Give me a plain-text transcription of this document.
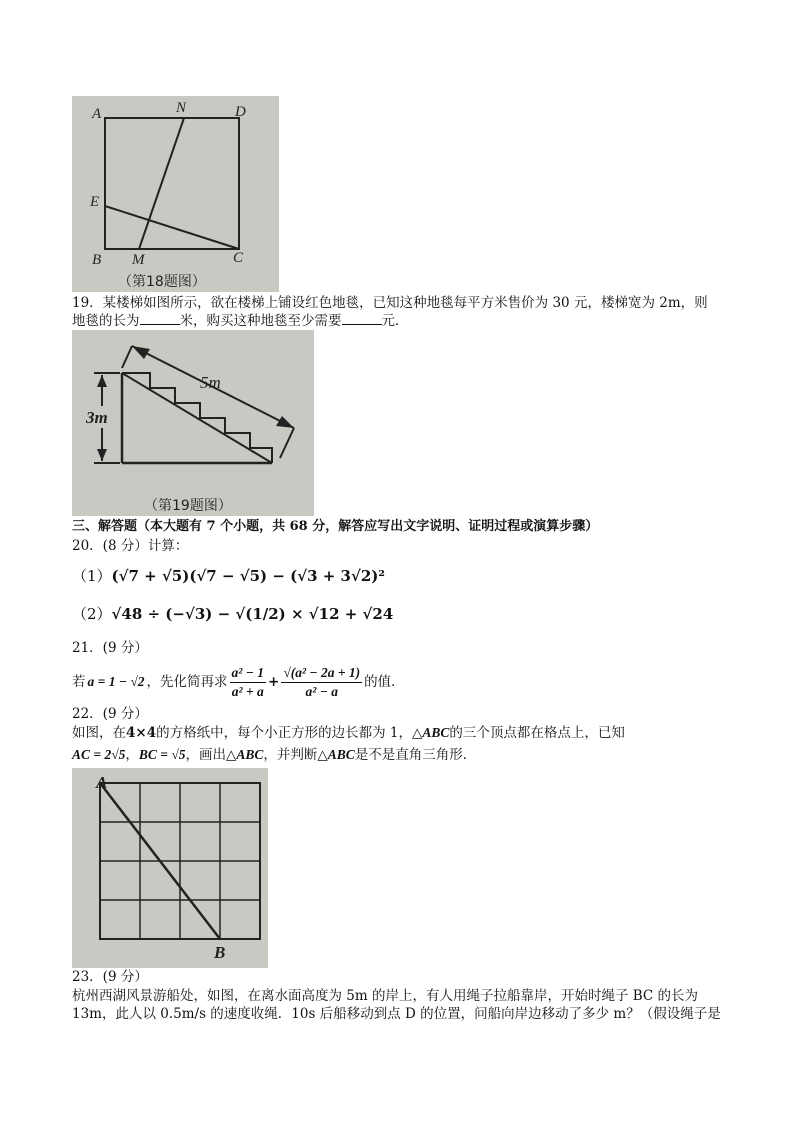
A	N	D
E
B M	C
（第18题图）
19．某楼梯如图所示，欲在楼梯上铺设红色地毯，已知这种地毯每平方米售价为 30 元，楼梯宽为 2m，则
地毯的长为	米，购买这种地毯至少需要	元．
5m
3m
（第19题图）
三、解答题（本大题有 7 个小题，共 68 分，解答应写出文字说明、证明过程或演算步骤）
20．(8 分）计算：
（1）(√7 + √5)(√7 − √5) − (√3 + 3√2)²
（2）√48 ÷ (−√3) − √(1/2) × √12 + √24
21．(9 分）
若 a = 1 − √2 ，先化简再求 $\frac{\text{a² − 1}}{\text{a² + a}} + \frac{\text{√(a² − 2a + 1)}}{\text{a² − a}}$ 的值．
22．(9 分）
如图，在4×4的方格纸中，每个小正方形的边长都为 1，△ABC的三个顶点都在格点上，已知
AC = 2√5，BC = √5，画出△ABC，并判断△ABC是不是直角三角形．
A
B
23．(9 分）
杭州西湖风景游船处，如图，在离水面高度为 5m 的岸上，有人用绳子拉船靠岸，开始时绳子 BC 的长为
13m，此人以 0.5m/s 的速度收绳．10s 后船移动到点 D 的位置，问船向岸边移动了多少 m？（假设绳子是
